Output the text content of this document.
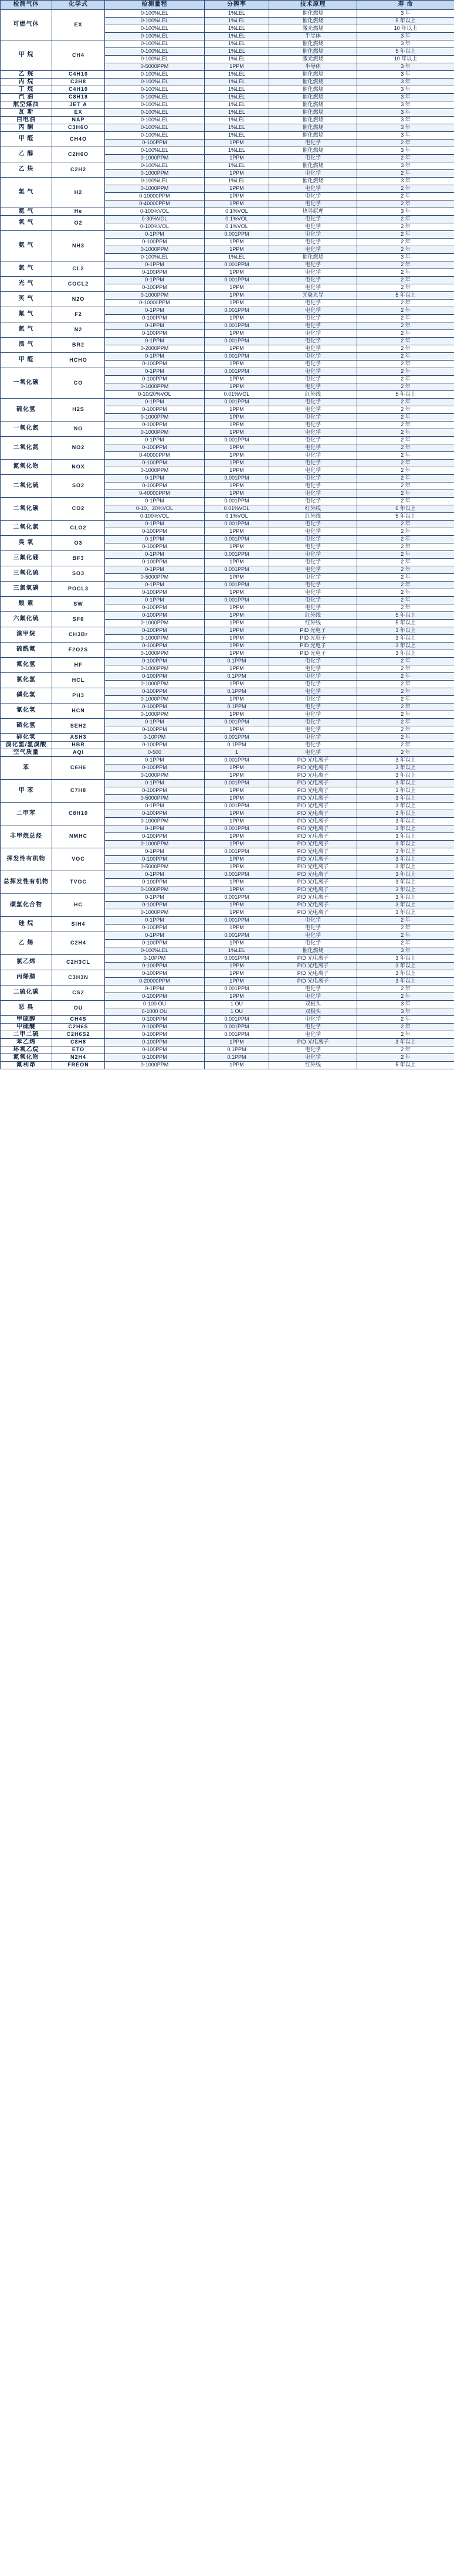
检测气体	化学式	检测量程	分辨率	技术原理	寿 命
可燃气体	EX	0-100%LEL	1%LEL	催化燃烧	3 年
		0-100%LEL	1%LEL	催化燃烧	5 年以上
		0-100%LEL	1%LEL	激光燃烧	10 年以上
		0-100%LEL	1%LEL	半导体	3 年
甲 烷	CH4	0-100%LEL	1%LEL	催化燃烧	3 年
		0-100%LEL	1%LEL	催化燃烧	5 年以上
		0-100%LEL	1%LEL	激光燃烧	10 年以上
		0-5000PPM	1PPM	半导体	3 年
乙 烷	C4H10	0-100%LEL	1%LEL	催化燃烧	3 年
丙 烷	C3H8	0-100%LEL	1%LEL	催化燃烧	3 年
丁 烷	C4H10	0-100%LEL	1%LEL	催化燃烧	3 年
汽 油	C8H18	0-100%LEL	1%LEL	催化燃烧	3 年
航空煤油	JET A	0-100%LEL	1%LEL	催化燃烧	3 年
瓦 斯	EX	0-100%LEL	1%LEL	催化燃烧	3 年
白电油	NAP	0-100%LEL	1%LEL	催化燃烧	3 年
丙 酮	C3H6O	0-100%LEL	1%LEL	催化燃烧	3 年
甲 醛	CH4O	0-100%LEL	1%LEL	催化燃烧	3 年
		0-100PPM	1PPM	电化学	2 年
乙 醇	C2H6O	0-100%LEL	1%LEL	催化燃烧	3 年
		0-1000PPM	1PPM	电化学	2 年
乙 炔	C2H2	0-100%LEL	1%LEL	催化燃烧	3 年
		0-1000PPM	1PPM	电化学	2 年
氢 气	H2	0-100%LEL	1%LEL	催化燃烧	3 年
		0-1000PPM	1PPM	电化学	2 年
		0-10000PPM	1PPM	电化学	2 年
		0-40000PPM	1PPM	电化学	2 年
氦 气	He	0-100%VOL	0.1%VOL	热导原理	3 年
氧 气	O2	0-30%VOL	0.1%VOL	电化学	2 年
		0-100%VOL	0.1%VOL	电化学	2 年
氨 气	NH3	0-1PPM	0.001PPM	电化学	2 年
		0-100PPM	1PPM	电化学	2 年
		0-1000PPM	1PPM	电化学	2 年
		0-100%LEL	1%LEL	催化燃烧	3 年
氯 气	CL2	0-1PPM	0.001PPM	电化学	2 年
		0-100PPM	1PPM	电化学	2 年
光 气	COCL2	0-1PPM	0.001PPM	电化学	2 年
		0-100PPM	1PPM	电化学	2 年
笑 气	N2O	0-1000PPM	1PPM	光聚光导	5 年以上
		0-10000PPM	1PPM	电化学	2 年
氟 气	F2	0-1PPM	0.001PPM	电化学	2 年
		0-100PPM	1PPM	电化学	2 年
氮 气	N2	0-1PPM	0.001PPM	电化学	2 年
		0-100PPM	1PPM	电化学	2 年
溴 气	BR2	0-1PPM	0.001PPM	电化学	2 年
		0-2000PPM	1PPM	电化学	2 年
甲 醛	HCHO	0-1PPM	0.001PPM	电化学	2 年
		0-100PPM	1PPM	电化学	2 年
一氧化碳	CO	0-1PPM	0.001PPM	电化学	2 年
		0-100PPM	1PPM	电化学	2 年
		0-1000PPM	1PPM	电化学	2 年
		0-10/20%VOL	0.01%VOL	红外线	5 年以上
硫化氢	H2S	0-1PPM	0.001PPM	电化学	2 年
		0-100PPM	1PPM	电化学	2 年
		0-1000PPM	1PPM	电化学	2 年
一氧化氮	NO	0-100PPM	1PPM	电化学	2 年
		0-1000PPM	1PPM	电化学	2 年
二氧化氮	NO2	0-1PPM	0.001PPM	电化学	2 年
		0-100PPM	1PPM	电化学	2 年
		0-40000PPM	1PPM	电化学	2 年
氮氧化物	NOX	0-100PPM	1PPM	电化学	2 年
		0-1000PPM	1PPM	电化学	2 年
二氧化硫	SO2	0-1PPM	0.001PPM	电化学	2 年
		0-100PPM	1PPM	电化学	2 年
		0-40000PPM	1PPM	电化学	2 年
二氧化碳	CO2	0-1PPM	0.001PPM	电化学	2 年
		0-10、20%VOL	0.01%VOL	红外线	6 年以上
		0-100%VOL	0.1%VOL	红外线	5 年以上
二氧化氯	CLO2	0-1PPM	0.001PPM	电化学	2 年
		0-100PPM	1PPM	电化学	2 年
臭 氧	O3	0-1PPM	0.001PPM	电化学	2 年
		0-100PPM	1PPM	电化学	2 年
三氟化硼	BF3	0-1PPM	0.001PPM	电化学	2 年
		0-100PPM	1PPM	电化学	2 年
三氧化硫	SO3	0-1PPM	0.001PPM	电化学	2 年
		0-5000PPM	1PPM	电化学	2 年
三氯氧磷	POCL3	0-1PPM	0.001PPM	电化学	2 年
		0-100PPM	1PPM	电化学	2 年
酸 素	SW	0-1PPM	0.001PPM	电化学	2 年
		0-100PPM	1PPM	电化学	2 年
六氟化硫	SF6	0-100PPM	1PPM	红外线	5 年以上
		0-1000PPM	1PPM	红外线	5 年以上
溴甲烷	CH3Br	0-100PPM	1PPM	PID 光电子	3 年以上
		0-1000PPM	1PPM	PID 光电子	3 年以上
硫酰氟	F2O2S	0-100PPM	1PPM	PID 光电子	3 年以上
		0-1000PPM	1PPM	PID 光电子	3 年以上
氟化氢	HF	0-100PPM	0.1PPM	电化学	2 年
		0-1000PPM	1PPM	电化学	2 年
氯化氢	HCL	0-100PPM	0.1PPM	电化学	2 年
		0-1000PPM	1PPM	电化学	2 年
磷化氢	PH3	0-100PPM	0.1PPM	电化学	2 年
		0-1000PPM	1PPM	电化学	2 年
氰化氢	HCN	0-100PPM	0.1PPM	电化学	2 年
		0-1000PPM	1PPM	电化学	2 年
硒化氢	SEH2	0-1PPM	0.001PPM	电化学	2 年
		0-100PPM	1PPM	电化学	2 年
砷化氢	ASH3	0-10PPM	0.001PPM	电化学	2 年
溴化氢/氢溴酸	HBR	0-100PPM	0.1PPM	电化学	2 年
空气质量	AQI	0-500	1	电化学	2 年
苯	C6H6	0-1PPM	0.001PPM	PID 光电离子	3 年以上
		0-100PPM	1PPM	PID 光电离子	3 年以上
		0-1000PPM	1PPM	PID 光电离子	3 年以上
甲 苯	C7H8	0-1PPM	0.001PPM	PID 光电离子	3 年以上
		0-100PPM	1PPM	PID 光电离子	3 年以上
		0-5000PPM	1PPM	PID 光电离子	3 年以上
二甲苯	C8H10	0-1PPM	0.001PPM	PID 光电离子	3 年以上
		0-100PPM	1PPM	PID 光电离子	3 年以上
		0-1000PPM	1PPM	PID 光电离子	3 年以上
非甲烷总烃	NMHC	0-1PPM	0.001PPM	PID 光电离子	3 年以上
		0-100PPM	1PPM	PID 光电离子	3 年以上
		0-1000PPM	1PPM	PID 光电离子	3 年以上
挥发性有机物	VOC	0-1PPM	0.001PPM	PID 光电离子	3 年以上
		0-100PPM	1PPM	PID 光电离子	3 年以上
		0-5000PPM	1PPM	PID 光电离子	3 年以上
总挥发性有机物	TVOC	0-1PPM	0.001PPM	PID 光电离子	3 年以上
		0-100PPM	1PPM	PID 光电离子	3 年以上
		0-1000PPM	1PPM	PID 光电离子	3 年以上
碳氢化合物	HC	0-1PPM	0.001PPM	PID 光电离子	3 年以上
		0-100PPM	1PPM	PID 光电离子	3 年以上
		0-1000PPM	1PPM	PID 光电离子	3 年以上
硅 烷	SIH4	0-1PPM	0.001PPM	电化学	2 年
		0-100PPM	1PPM	电化学	2 年
乙 烯	C2H4	0-1PPM	0.001PPM	电化学	2 年
		0-100PPM	1PPM	电化学	2 年
		0-100%LEL	1%LEL	催化燃烧	3 年
氯乙烯	C2H3CL	0-10PPM	0.001PPM	PID 光电离子	3 年以上
		0-100PPM	1PPM	PID 光电离子	3 年以上
丙烯腈	C3H3N	0-100PPM	1PPM	PID 光电离子	3 年以上
		0-20000PPM	1PPM	PID 光电离子	3 年以上
二硫化碳	CS2	0-1PPM	0.001PPM	电化学	2 年
		0-100PPM	1PPM	电化学	2 年
恶 臭	OU	0-100 OU	1 OU	双极头	3 年
		0-1000 OU	1 OU	双极头	3 年
甲硫醇	CH4S	0-100PPM	0.001PPM	电化学	2 年
甲硫醚	C2H6S	0-100PPM	0.001PPM	电化学	2 年
二甲二硫	C2H6S2	0-100PPM	0.001PPM	电化学	2 年
苯乙烯	C8H8	0-100PPM	1PPM	PID 光电离子	3 年以上
环氧乙烷	ETO	0-100PPM	0.1PPM	电化学	2 年
氮氧化物	N2H4	0-100PPM	0.1PPM	电化学	2 年
氟利昂	FREON	0-1000PPM	1PPM	红外线	5 年以上
